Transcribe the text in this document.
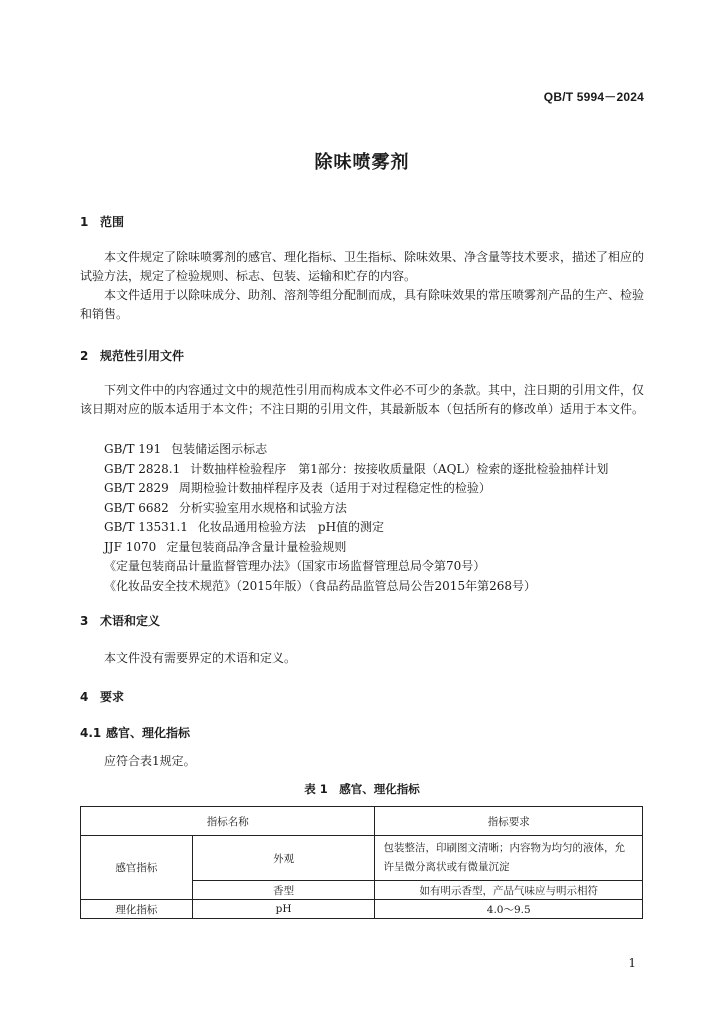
QB/T 5994－2024
除味喷雾剂
1 范围

本文件规定了除味喷雾剂的感官、理化指标、卫生指标、除味效果、净含量等技术要求，描述了相应的试验方法，规定了检验规则、标志、包装、运输和贮存的内容。

本文件适用于以除味成分、助剂、溶剂等组分配制而成，具有除味效果的常压喷雾剂产品的生产、检验和销售。

2 规范性引用文件

下列文件中的内容通过文中的规范性引用而构成本文件必不可少的条款。其中，注日期的引用文件，仅该日期对应的版本适用于本文件；不注日期的引用文件，其最新版本（包括所有的修改单）适用于本文件。

GB/T 191 包装储运图示标志
GB/T 2828.1 计数抽样检验程序　第1部分：按接收质量限（AQL）检索的逐批检验抽样计划
GB/T 2829 周期检验计数抽样程序及表（适用于对过程稳定性的检验）
GB/T 6682 分析实验室用水规格和试验方法
GB/T 13531.1 化妆品通用检验方法　pH值的测定
JJF 1070 定量包装商品净含量计量检验规则
《定量包装商品计量监督管理办法》（国家市场监督管理总局令第70号）
《化妆品安全技术规范》（2015年版）（食品药品监管总局公告2015年第268号）
3 术语和定义
本文件没有需要界定的术语和定义。
4 要求
4.1 感官、理化指标
应符合表1规定。
表 1　感官、理化指标
指标名称		指标要求
感官指标	外观	包装整洁，印刷图文清晰；内容物为均匀的液体，允许呈微分离状或有微量沉淀
	香型	如有明示香型，产品气味应与明示相符
理化指标	pH	4.0～9.5
1
